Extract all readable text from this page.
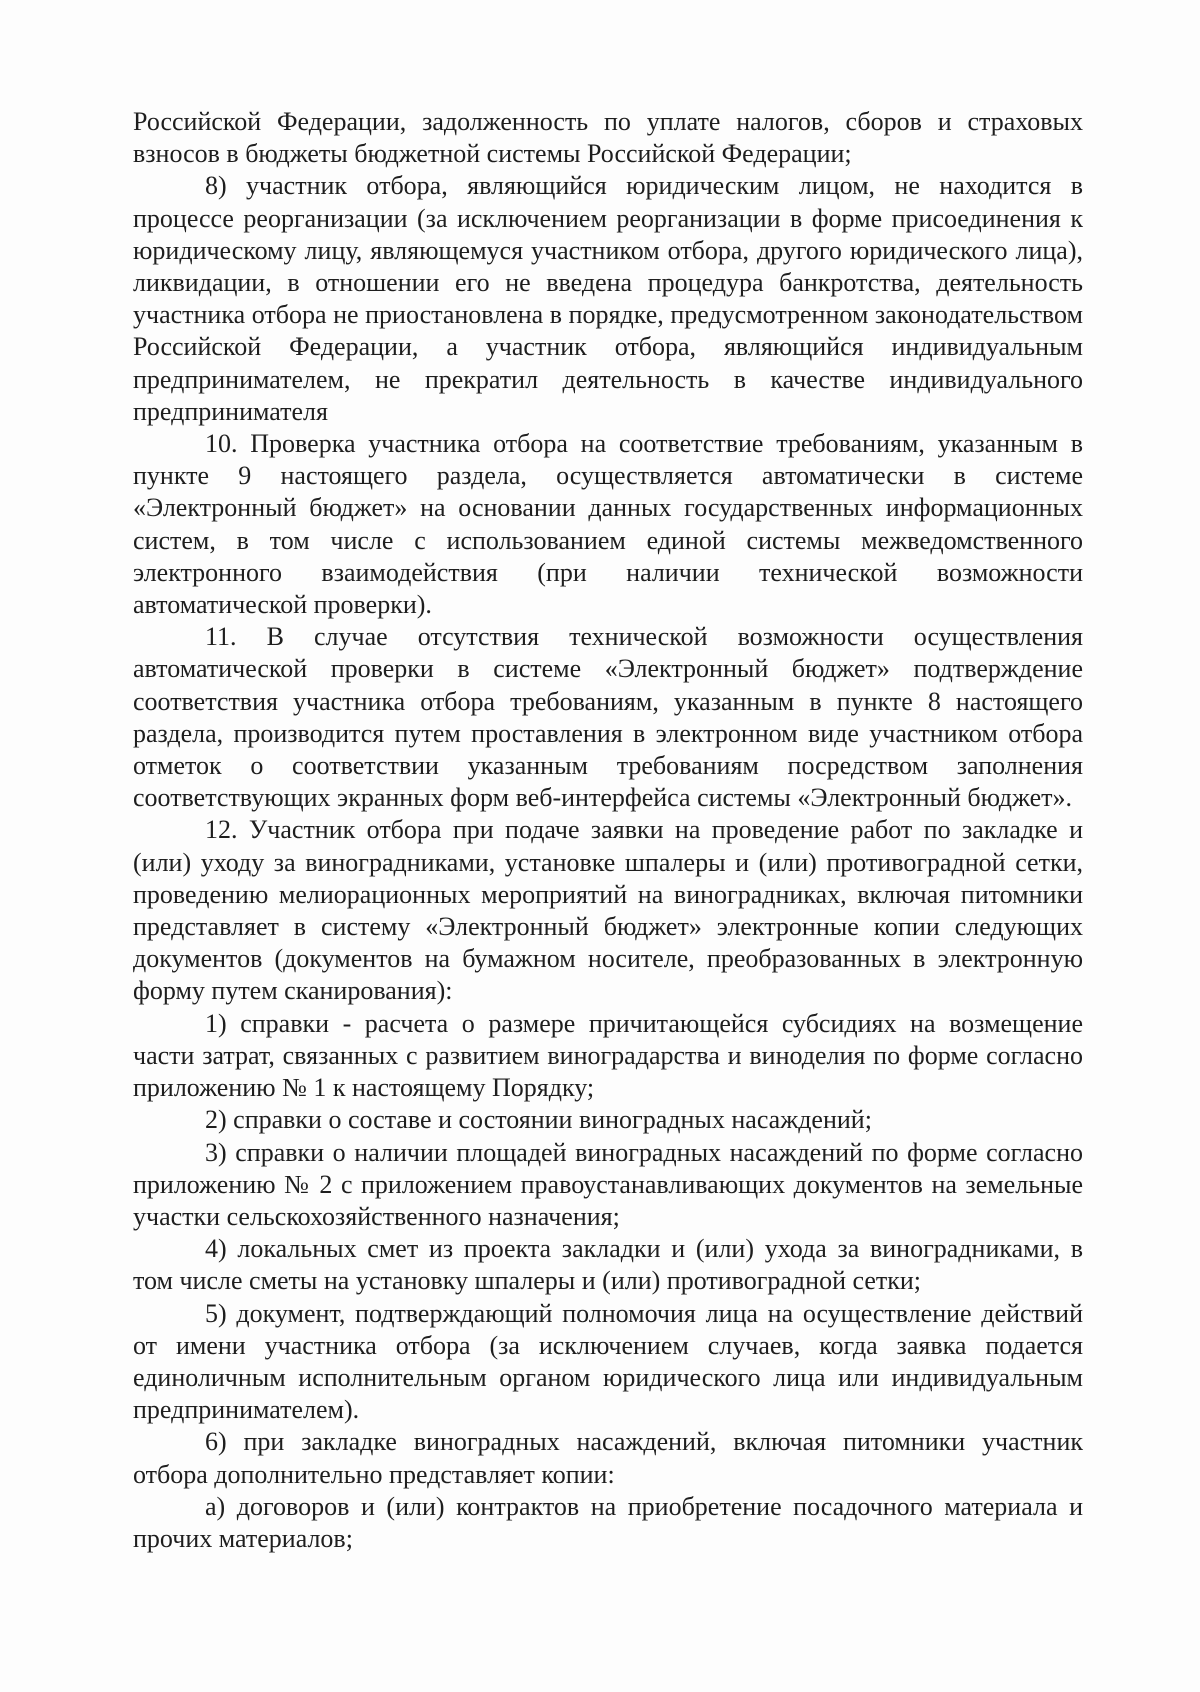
Российской Федерации, задолженность по уплате налогов, сборов и страховых взносов в бюджеты бюджетной системы Российской Федерации;

8) участник отбора, являющийся юридическим лицом, не находится в процессе реорганизации (за исключением реорганизации в форме присоединения к юридическому лицу, являющемуся участником отбора, другого юридического лица), ликвидации, в отношении его не введена процедура банкротства, деятельность участника отбора не приостановлена в порядке, предусмотренном законодательством Российской Федерации, а участник отбора, являющийся индивидуальным предпринимателем, не прекратил деятельность в качестве индивидуального предпринимателя

10. Проверка участника отбора на соответствие требованиям, указанным в пункте 9 настоящего раздела, осуществляется автоматически в системе «Электронный бюджет» на основании данных государственных информационных систем, в том числе с использованием единой системы межведомственного электронного взаимодействия (при наличии технической возможности автоматической проверки).

11. В случае отсутствия технической возможности осуществления автоматической проверки в системе «Электронный бюджет» подтверждение соответствия участника отбора требованиям, указанным в пункте 8 настоящего раздела, производится путем проставления в электронном виде участником отбора отметок о соответствии указанным требованиям посредством заполнения соответствующих экранных форм веб-интерфейса системы «Электронный бюджет».

12. Участник отбора при подаче заявки на проведение работ по закладке и (или) уходу за виноградниками, установке шпалеры и (или) противоградной сетки, проведению мелиорационных мероприятий на виноградниках, включая питомники представляет в систему «Электронный бюджет» электронные копии следующих документов (документов на бумажном носителе, преобразованных в электронную форму путем сканирования):

1) справки - расчета о размере причитающейся субсидиях на возмещение части затрат, связанных с развитием виноградарства и виноделия по форме согласно приложению № 1 к настоящему Порядку;

2) справки о составе и состоянии виноградных насаждений;

3) справки о наличии площадей виноградных насаждений по форме согласно приложению № 2 с приложением правоустанавливающих документов на земельные участки сельскохозяйственного назначения;

4) локальных смет из проекта закладки и (или) ухода за виноградниками, в том числе сметы на установку шпалеры и (или) противоградной сетки;

5) документ, подтверждающий полномочия лица на осуществление действий от имени участника отбора (за исключением случаев, когда заявка подается единоличным исполнительным органом юридического лица или индивидуальным предпринимателем).

6) при закладке виноградных насаждений, включая питомники участник отбора дополнительно представляет копии:

а) договоров и (или) контрактов на приобретение посадочного материала и прочих материалов;
